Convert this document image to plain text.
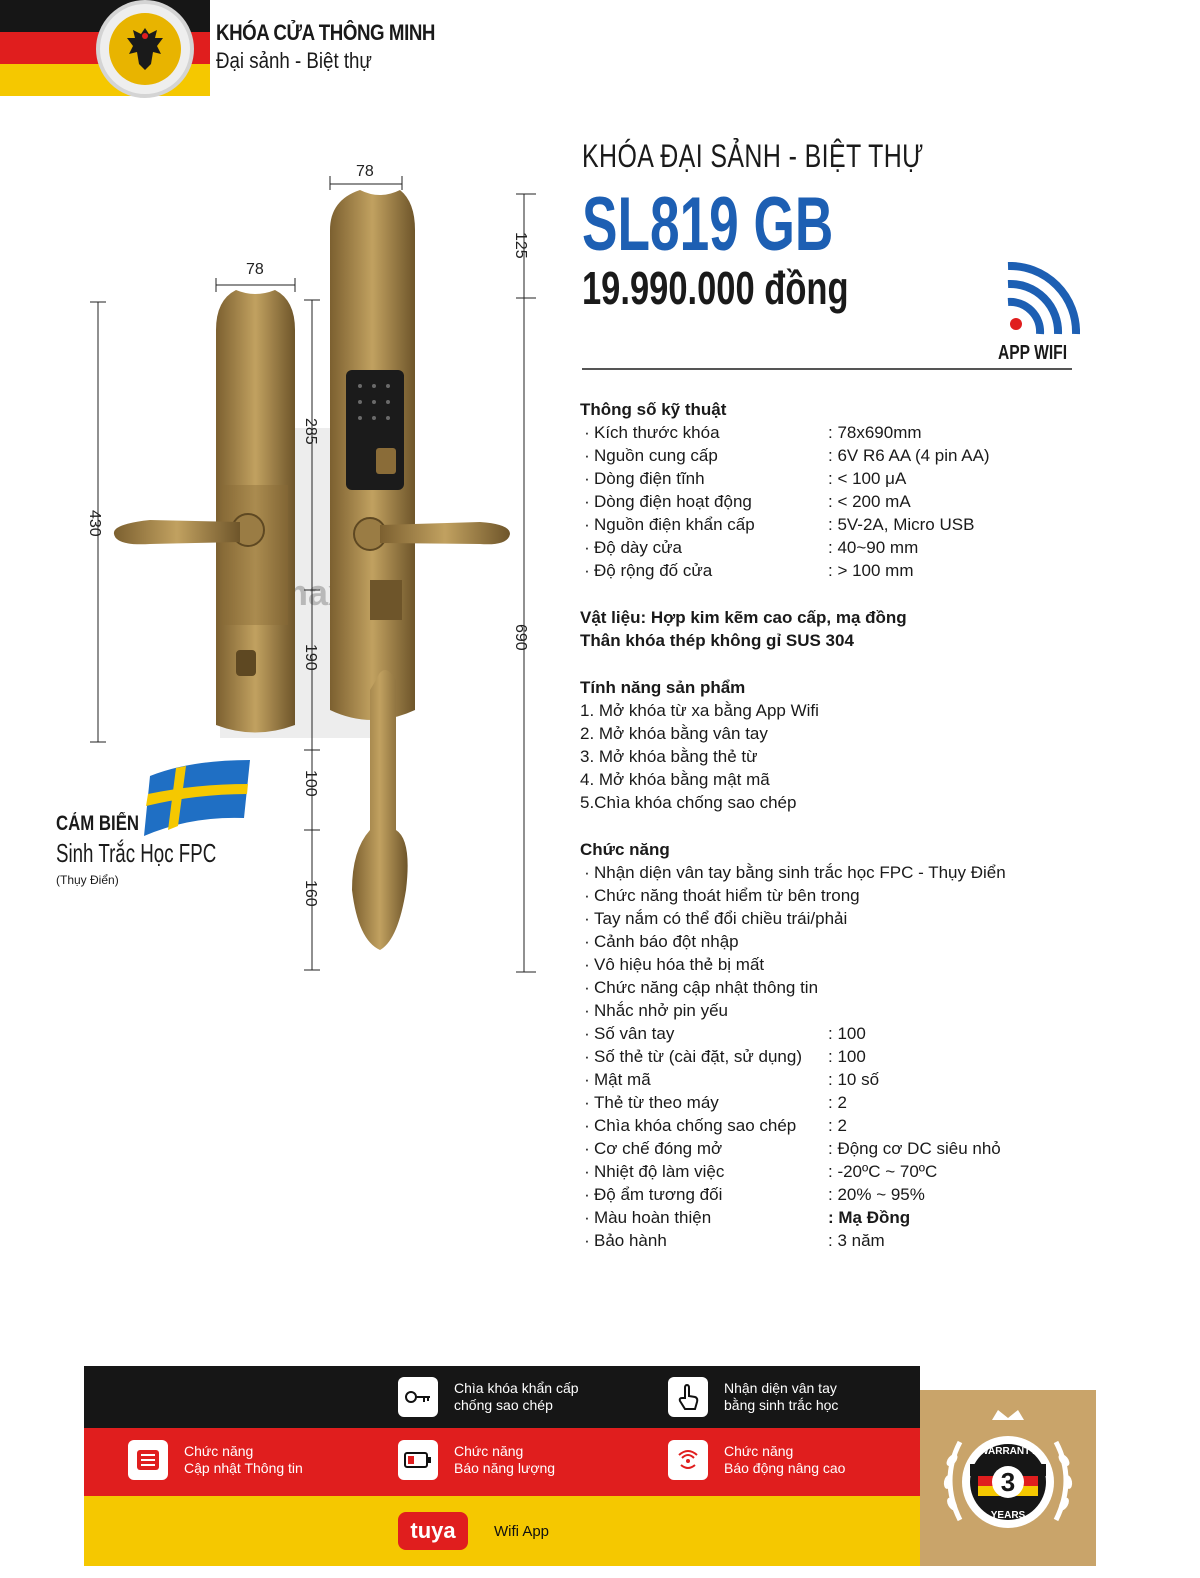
KHÓA CỬA THÔNG MINH
Đại sảnh - Biệt thự
KHÓA ĐẠI SẢNH - BIỆT THỰ
SL819 GB
19.990.000 đồng
APP WIFI
78
78
430
285
190
100
160
125
690
CẢM BIẾN
Sinh Trắc Học FPC
(Thụy Điển)
Thông số kỹ thuật
· Kích thước khóa	: 78x690mm
· Nguồn cung cấp	: 6V R6 AA (4 pin AA)
· Dòng điện tĩnh	: < 100 μA
· Dòng điện hoạt động	: < 200 mA
· Nguồn điện khẩn cấp	: 5V-2A, Micro USB
· Độ dày cửa	: 40~90 mm
· Độ rộng đố cửa	: > 100 mm
Vật liệu: Hợp kim kẽm cao cấp, mạ đồng
Thân khóa thép không gỉ SUS 304
Tính năng sản phẩm
1. Mở khóa từ xa bằng App Wifi
2. Mở khóa bằng vân tay
3. Mở khóa bằng thẻ từ
4. Mở khóa bằng mật mã
5.Chìa khóa chống sao chép
Chức năng
· Nhận diện vân tay bằng sinh trắc học FPC - Thụy Điển
· Chức năng thoát hiểm từ bên trong
· Tay nắm có thể đổi chiều trái/phải
· Cảnh báo đột nhập
· Vô hiệu hóa thẻ bị mất
· Chức năng cập nhật thông tin
· Nhắc nhở pin yếu
· Số vân tay	: 100
· Số thẻ từ (cài đặt, sử dụng)	: 100
· Mật mã	: 10 số
· Thẻ từ theo máy	: 2
· Chìa khóa chống sao chép	: 2
· Cơ chế đóng mở	: Động cơ DC siêu nhỏ
· Nhiệt độ làm việc	: -20ºC ~ 70ºC
· Độ ẩm tương đối	: 20% ~ 95%
· Màu hoàn thiện	: Mạ Đồng
· Bảo hành	: 3 năm
Chìa khóa khẩn cấp
chống sao chép
Nhận diện vân tay
bằng sinh trắc học
Chức năng
Cập nhật Thông tin
Chức năng
Báo năng lượng
Chức năng
Báo động nâng cao
tuya	Wifi App
3
WARRANTY
YEARS
